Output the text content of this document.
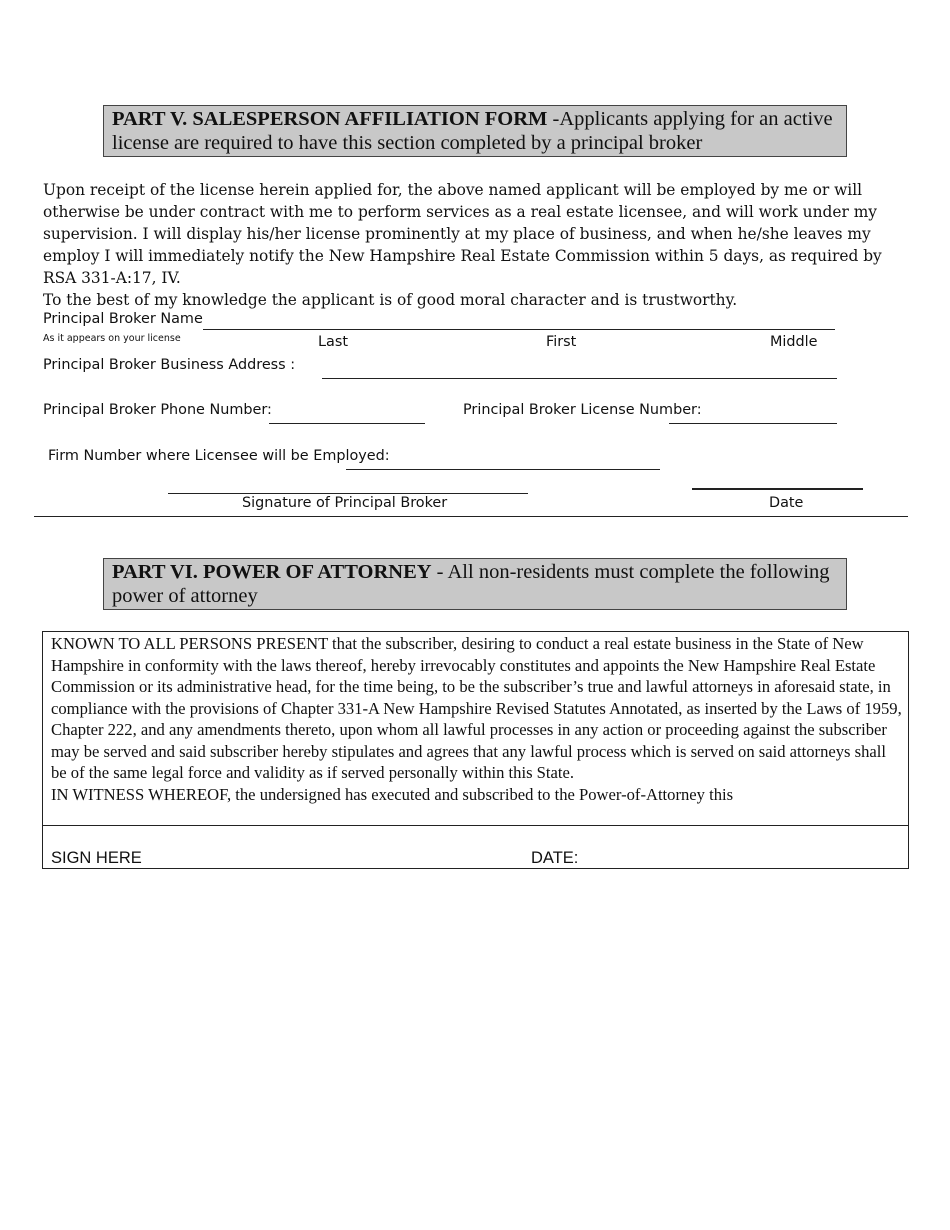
PART V. SALESPERSON AFFILIATION FORM -Applicants applying for an active license are required to have this section completed by a principal broker

Upon receipt of the license herein applied for, the above named applicant will be employed by me or will otherwise be under contract with me to perform services as a real estate licensee, and will work under my supervision. I will display his/her license prominently at my place of business, and when he/she leaves my employ I will immediately notify the New Hampshire Real Estate Commission within 5 days, as required by RSA 331-A:17, IV.

To the best of my knowledge the applicant is of good moral character and is trustworthy.

Principal Broker Name
As it appears on your license	Last	First	Middle
Principal Broker Business Address :
Principal Broker Phone Number:	Principal Broker License Number:
Firm Number where Licensee will be Employed:
Signature of Principal Broker	Date
PART VI. POWER OF ATTORNEY - All non-residents must complete the following power of attorney

KNOWN TO ALL PERSONS PRESENT that the subscriber, desiring to conduct a real estate business in the State of New Hampshire in conformity with the laws thereof, hereby irrevocably constitutes and appoints the New Hampshire Real Estate Commission or its administrative head, for the time being, to be the subscriber’s true and lawful attorneys in aforesaid state, in compliance with the provisions of Chapter 331-A New Hampshire Revised Statutes Annotated, as inserted by the Laws of 1959, Chapter 222, and any amendments thereto, upon whom all lawful processes in any action or proceeding against the subscriber may be served and said subscriber hereby stipulates and agrees that any lawful process which is served on said attorneys shall be of the same legal force and validity as if served personally within this State.

IN WITNESS WHEREOF, the undersigned has executed and subscribed to the Power-of-Attorney this

SIGN HERE	DATE:
